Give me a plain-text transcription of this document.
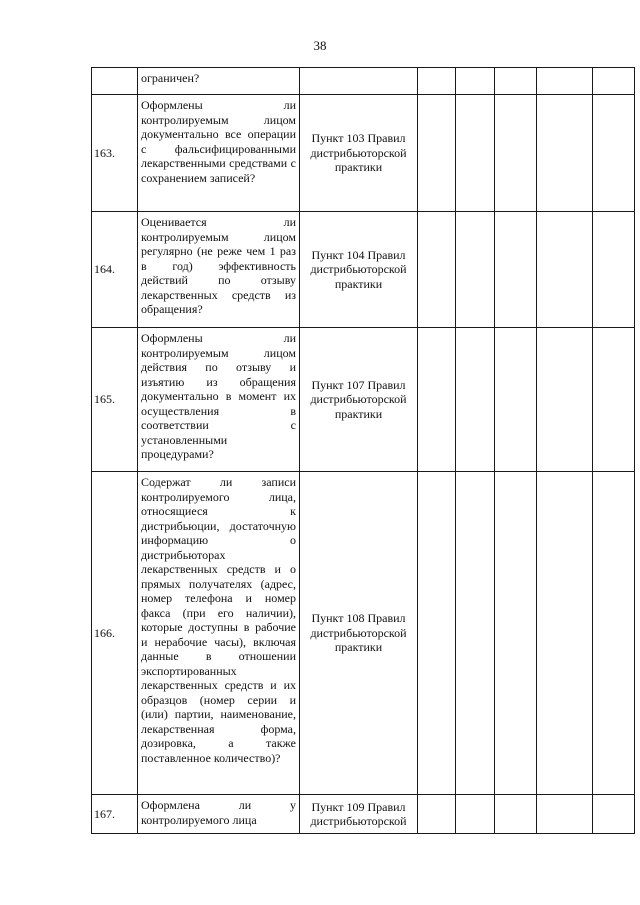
38
	ограничен?						
163.	Оформлены ли контролируемым лицом документально все операции с фальсифицированными лекарственными средствами с сохранением записей?	Пункт 103 Правил дистрибьюторской практики					
164.	Оценивается ли контролируемым лицом регулярно (не реже чем 1 раз в год) эффективность действий по отзыву лекарственных средств из обращения?	Пункт 104 Правил дистрибьюторской практики					
165.	Оформлены ли контролируемым лицом действия по отзыву и изъятию из обращения документально в момент их осуществления в соответствии с установленными процедурами?	Пункт 107 Правил дистрибьюторской практики					
166.	Содержат ли записи контролируемого лица, относящиеся к дистрибьюции, достаточную информацию о дистрибьюторах лекарственных средств и о прямых получателях (адрес, номер телефона и номер факса (при его наличии), которые доступны в рабочие и нерабочие часы), включая данные в отношении экспортированных лекарственных средств и их образцов (номер серии и (или) партии, наименование, лекарственная форма, дозировка, а также поставленное количество)?	Пункт 108 Правил дистрибьюторской практики					
167.	Оформлена ли у контролируемого лица	Пункт 109 Правил дистрибьюторской					
